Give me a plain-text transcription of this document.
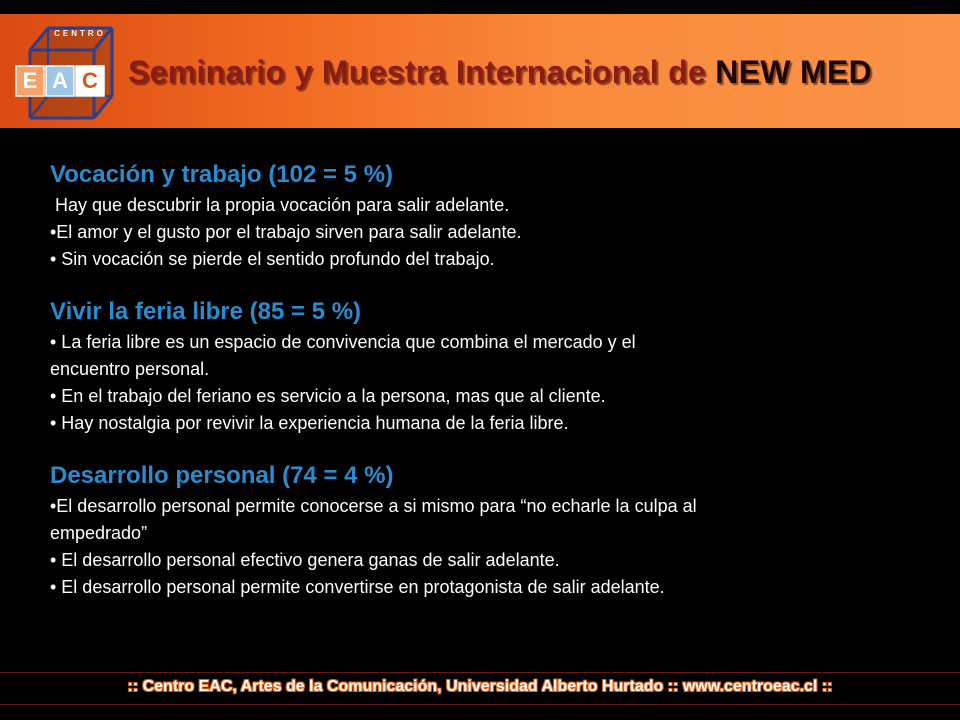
CENTRO
E A C Seminario y Muestra Internacional de NEW MED

Vocación y trabajo (102 = 5 %)

Hay que descubrir la propia vocación para salir adelante.

•El amor y el gusto por el trabajo sirven para salir adelante.

• Sin vocación se pierde el sentido profundo del trabajo.

Vivir la feria libre (85 = 5 %)

• La feria libre es un espacio de convivencia que combina el mercado y el

encuentro personal.

• En el trabajo del feriano es servicio a la persona, mas que al cliente.

• Hay nostalgia por revivir la experiencia humana de la feria libre.

Desarrollo personal (74 = 4 %)

•El desarrollo personal permite conocerse a si mismo para “no echarle la culpa al

empedrado”

• El desarrollo personal efectivo genera ganas de salir adelante.

• El desarrollo personal permite convertirse en protagonista de salir adelante.

:: Centro EAC, Artes de la Comunicación, Universidad Alberto Hurtado :: www.centroeac.cl ::
